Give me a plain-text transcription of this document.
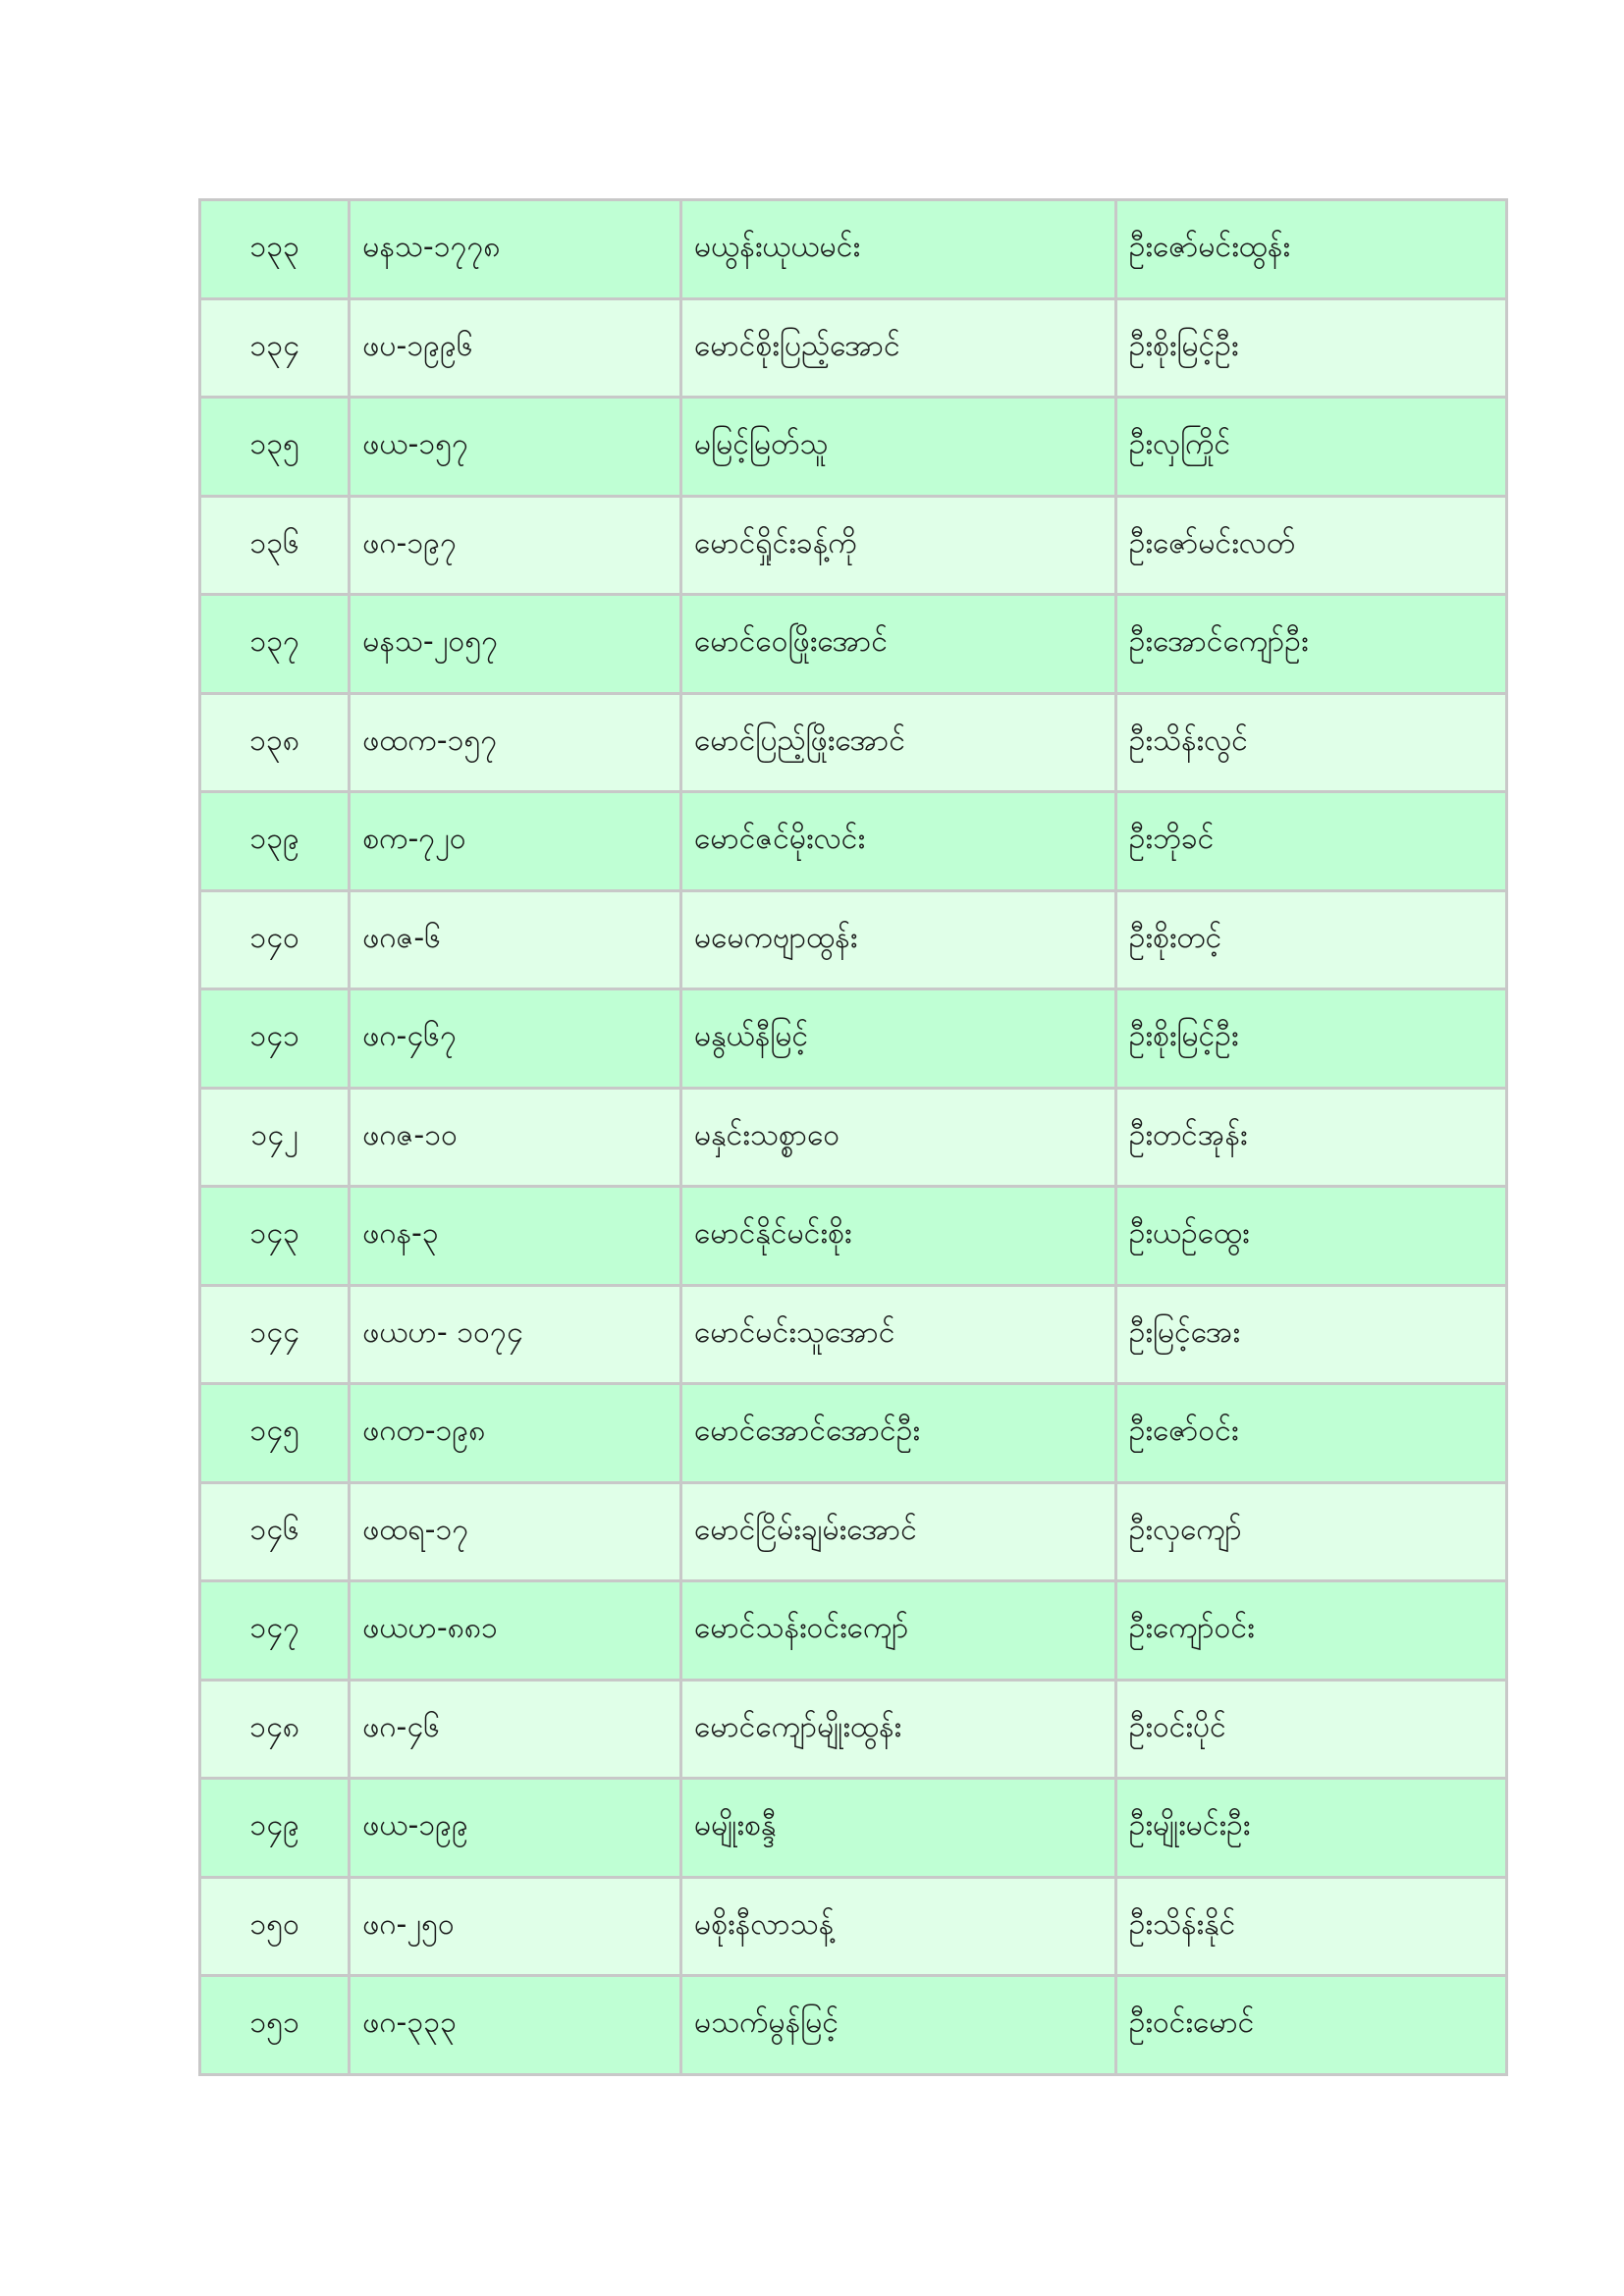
၁၃၃	မနသ-၁၇၇၈	မယွန်းယုယမင်း	ဦးဇော်မင်းထွန်း
၁၃၄	ဖပ-၁၉၉၆	မောင်စိုးပြည့်အောင်	ဦးစိုးမြင့်ဦး
၁၃၅	ဖယ-၁၅၇	မမြင့်မြတ်သူ	ဦးလှကြိုင်
၁၃၆	ဖဂ-၁၉၇	မောင်ရှိုင်းခန့်ကို	ဦးဇော်မင်းလတ်
၁၃၇	မနသ-၂၀၅၇	မောင်ဝေဖြိုးအောင်	ဦးအောင်ကျော်ဦး
၁၃၈	ဖထက-၁၅၇	မောင်ပြည့်ဖြိုးအောင်	ဦးသိန်းလွင်
၁၃၉	စက-၇၂၀	မောင်ဇင်မိုးလင်း	ဦးဘိုခင်
၁၄၀	ဖဂဇ-၆	မမေကဗျာထွန်း	ဦးစိုးတင့်
၁၄၁	ဖဂ-၄၆၇	မနွယ်နီမြင့်	ဦးစိုးမြင့်ဦး
၁၄၂	ဖဂဇ-၁၀	မနှင်းသစ္စာဝေ	ဦးတင်အုန်း
၁၄၃	ဖဂန-၃	မောင်နိုင်မင်းစိုး	ဦးယဉ်ထွေး
၁၄၄	ဖယဟ- ၁၀၇၄	မောင်မင်းသူအောင်	ဦးမြင့်အေး
၁၄၅	ဖဂတ-၁၉၈	မောင်အောင်အောင်ဦး	ဦးဇော်ဝင်း
၁၄၆	ဖထရ-၁၇	မောင်ငြိမ်းချမ်းအောင်	ဦးလှကျော်
၁၄၇	ဖယဟ-၈၈၁	မောင်သန်းဝင်းကျော်	ဦးကျော်ဝင်း
၁၄၈	ဖဂ-၄၆	မောင်ကျော်မျိုးထွန်း	ဦးဝင်းပိုင်
၁၄၉	ဖယ-၁၉၉	မမျိုးစန္ဒီ	ဦးမျိုးမင်းဦး
၁၅၀	ဖဂ-၂၅၀	မစိုးနီလာသန့်	ဦးသိန်းနိုင်
၁၅၁	ဖဂ-၃၃၃	မသက်မွန်မြင့်	ဦးဝင်းမောင်
